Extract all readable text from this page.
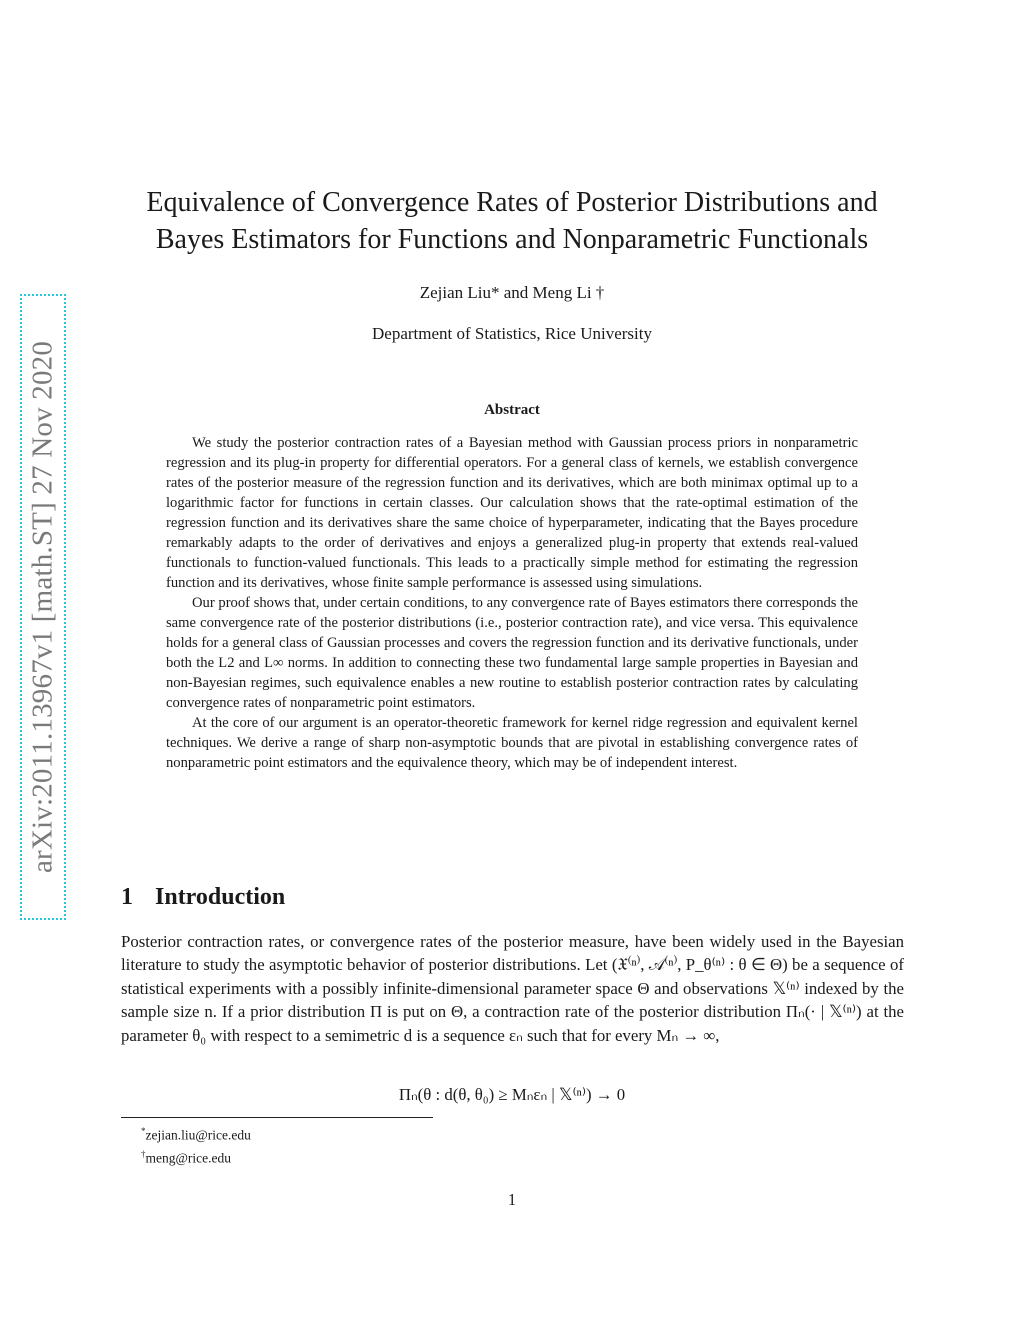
arXiv:2011.13967v1 [math.ST] 27 Nov 2020
Equivalence of Convergence Rates of Posterior Distributions and
Bayes Estimators for Functions and Nonparametric Functionals
Zejian Liu* and Meng Li †
Department of Statistics, Rice University
Abstract

We study the posterior contraction rates of a Bayesian method with Gaussian process priors in nonparametric regression and its plug-in property for differential operators. For a general class of kernels, we establish convergence rates of the posterior measure of the regression function and its derivatives, which are both minimax optimal up to a logarithmic factor for functions in certain classes. Our calculation shows that the rate-optimal estimation of the regression function and its derivatives share the same choice of hyperparameter, indicating that the Bayes procedure remarkably adapts to the order of derivatives and enjoys a generalized plug-in property that extends real-valued functionals to function-valued functionals. This leads to a practically simple method for estimating the regression function and its derivatives, whose finite sample performance is assessed using simulations.

Our proof shows that, under certain conditions, to any convergence rate of Bayes estimators there corresponds the same convergence rate of the posterior distributions (i.e., posterior contraction rate), and vice versa. This equivalence holds for a general class of Gaussian processes and covers the regression function and its derivative functionals, under both the L2 and L∞ norms. In addition to connecting these two fundamental large sample properties in Bayesian and non-Bayesian regimes, such equivalence enables a new routine to establish posterior contraction rates by calculating convergence rates of nonparametric point estimators.

At the core of our argument is an operator-theoretic framework for kernel ridge regression and equivalent kernel techniques. We derive a range of sharp non-asymptotic bounds that are pivotal in establishing convergence rates of nonparametric point estimators and the equivalence theory, which may be of independent interest.

1 Introduction

Posterior contraction rates, or convergence rates of the posterior measure, have been widely used in the Bayesian literature to study the asymptotic behavior of posterior distributions. Let (𝔛⁽ⁿ⁾, 𝒜⁽ⁿ⁾, P_θ⁽ⁿ⁾ : θ ∈ Θ) be a sequence of statistical experiments with a possibly infinite-dimensional parameter space Θ and observations 𝕏⁽ⁿ⁾ indexed by the sample size n. If a prior distribution Π is put on Θ, a contraction rate of the posterior distribution Πₙ(· | 𝕏⁽ⁿ⁾) at the parameter θ₀ with respect to a semimetric d is a sequence εₙ such that for every Mₙ → ∞,

Πₙ(θ : d(θ, θ₀) ≥ Mₙεₙ | 𝕏⁽ⁿ⁾) → 0
*zejian.liu@rice.edu
†meng@rice.edu
1
